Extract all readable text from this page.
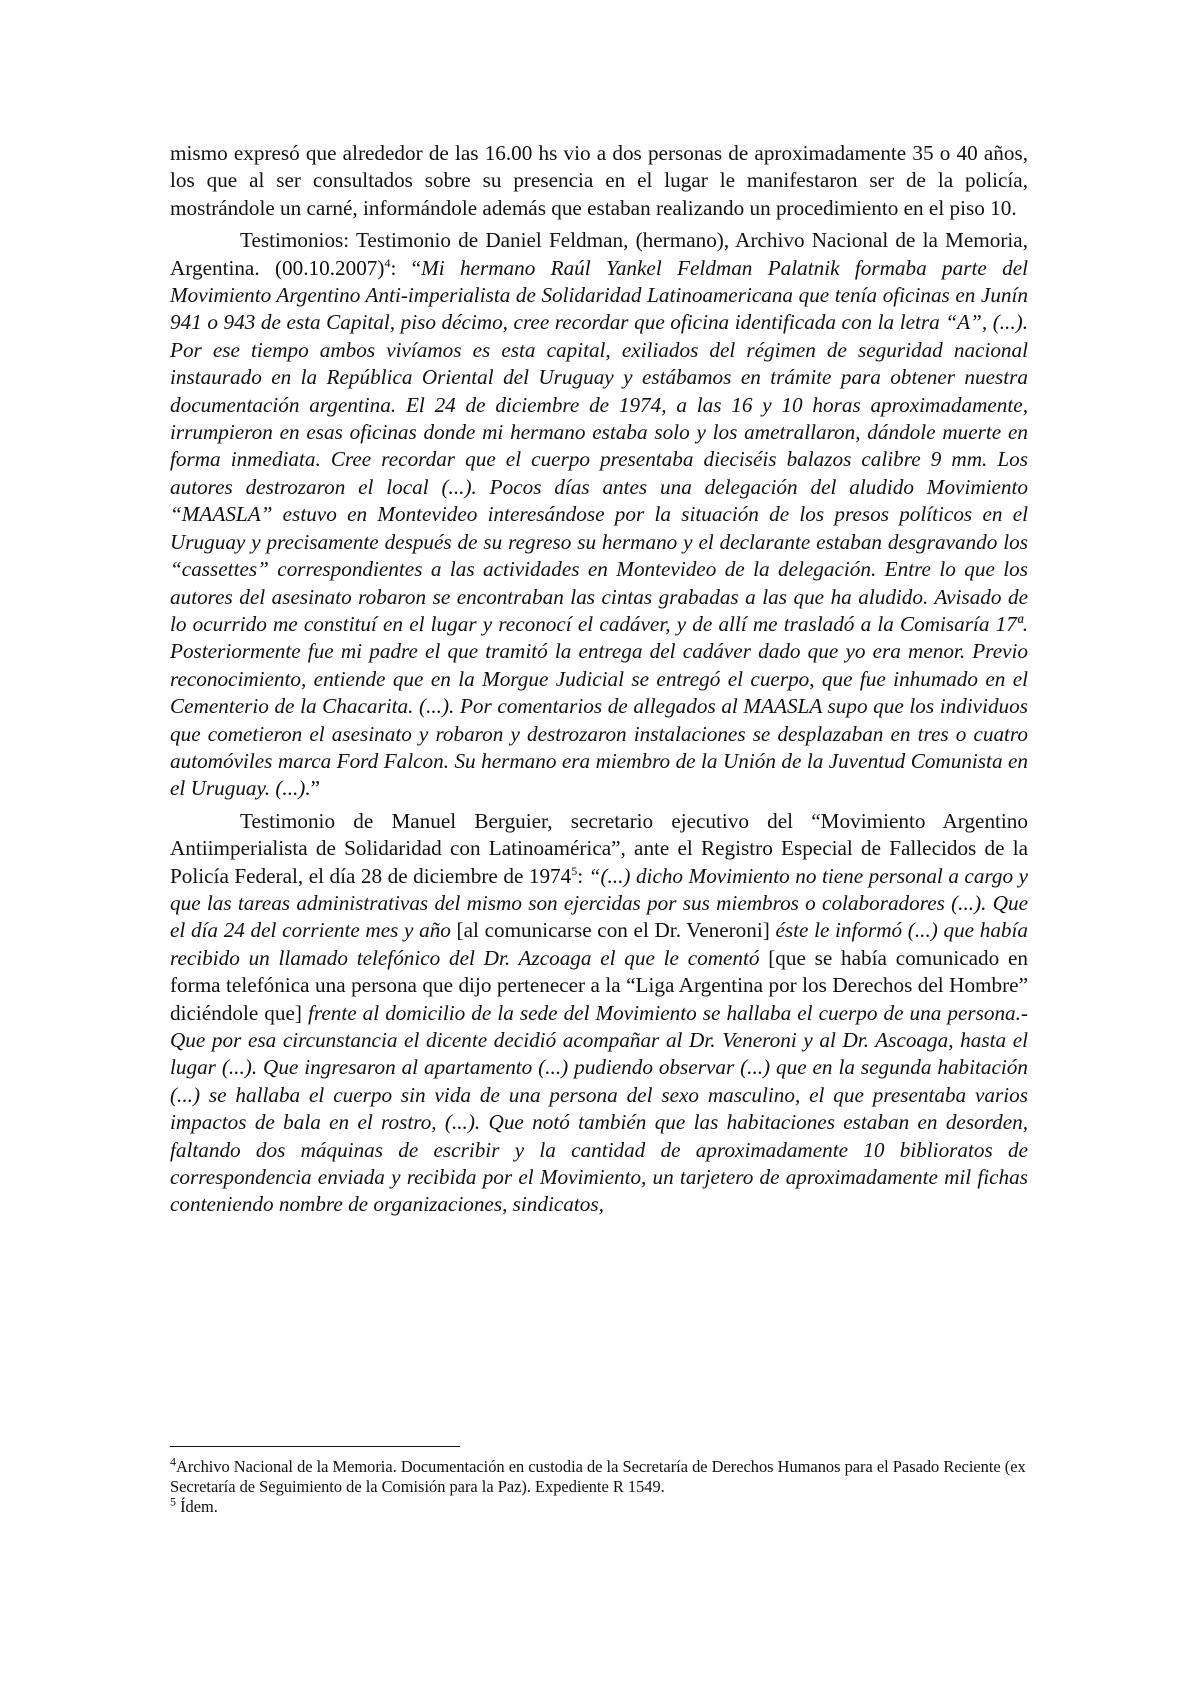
mismo expresó que alrededor de las 16.00 hs vio a dos personas de aproximadamente 35 o 40 años, los que al ser consultados sobre su presencia en el lugar le manifestaron ser de la policía, mostrándole un carné, informándole además que estaban realizando un procedimiento en el piso 10.

Testimonios: Testimonio de Daniel Feldman, (hermano), Archivo Nacional de la Memoria, Argentina. $(00.10.2007)^4$: “Mi hermano Raúl Yankel Feldman Palatnik formaba parte del Movimiento Argentino Anti-imperialista de Solidaridad Latinoamericana que tenía oficinas en Junín 941 o 943 de esta Capital, piso décimo, cree recordar que oficina identificada con la letra “A”, (...). Por ese tiempo ambos vivíamos es esta capital, exiliados del régimen de seguridad nacional instaurado en la República Oriental del Uruguay y estábamos en trámite para obtener nuestra documentación argentina. El 24 de diciembre de 1974, a las 16 y 10 horas aproximadamente, irrumpieron en esas oficinas donde mi hermano estaba solo y los ametrallaron, dándole muerte en forma inmediata. Cree recordar que el cuerpo presentaba dieciséis balazos calibre 9 mm. Los autores destrozaron el local (...). Pocos días antes una delegación del aludido Movimiento “MAASLA” estuvo en Montevideo interesándose por la situación de los presos políticos en el Uruguay y precisamente después de su regreso su hermano y el declarante estaban desgravando los “cassettes” correspondientes a las actividades en Montevideo de la delegación. Entre lo que los autores del asesinato robaron se encontraban las cintas grabadas a las que ha aludido. Avisado de lo ocurrido me constituí en el lugar y reconocí el cadáver, y de allí me trasladó a la Comisaría 17ª. Posteriormente fue mi padre el que tramitó la entrega del cadáver dado que yo era menor. Previo reconocimiento, entiende que en la Morgue Judicial se entregó el cuerpo, que fue inhumado en el Cementerio de la Chacarita. (...). Por comentarios de allegados al MAASLA supo que los individuos que cometieron el asesinato y robaron y destrozaron instalaciones se desplazaban en tres o cuatro automóviles marca Ford Falcon. Su hermano era miembro de la Unión de la Juventud Comunista en el Uruguay. (...).”

Testimonio de Manuel Berguier, secretario ejecutivo del “Movimiento Argentino Antiimperialista de Solidaridad con Latinoamérica”, ante el Registro Especial de Fallecidos de la Policía Federal, el día 28 de diciembre de 1974$^5$: “(...) dicho Movimiento no tiene personal a cargo y que las tareas administrativas del mismo son ejercidas por sus miembros o colaboradores (...). Que el día 24 del corriente mes y año [al comunicarse con el Dr. Veneroni] éste le informó (...) que había recibido un llamado telefónico del Dr. Azcoaga el que le comentó [que se había comunicado en forma telefónica una persona que dijo pertenecer a la “Liga Argentina por los Derechos del Hombre” diciéndole que] frente al domicilio de la sede del Movimiento se hallaba el cuerpo de una persona.-Que por esa circunstancia el dicente decidió acompañar al Dr. Veneroni y al Dr. Ascoaga, hasta el lugar (...). Que ingresaron al apartamento (...) pudiendo observar (...) que en la segunda habitación (...) se hallaba el cuerpo sin vida de una persona del sexo masculino, el que presentaba varios impactos de bala en el rostro, (...). Que notó también que las habitaciones estaban en desorden, faltando dos máquinas de escribir y la cantidad de aproximadamente 10 biblioratos de correspondencia enviada y recibida por el Movimiento, un tarjetero de aproximadamente mil fichas conteniendo nombre de organizaciones, sindicatos,

$^4$Archivo Nacional de la Memoria. Documentación en custodia de la Secretaría de Derechos Humanos para el Pasado Reciente (ex Secretaría de Seguimiento de la Comisión para la Paz). Expediente R 1549.

$^5$ Ídem.
